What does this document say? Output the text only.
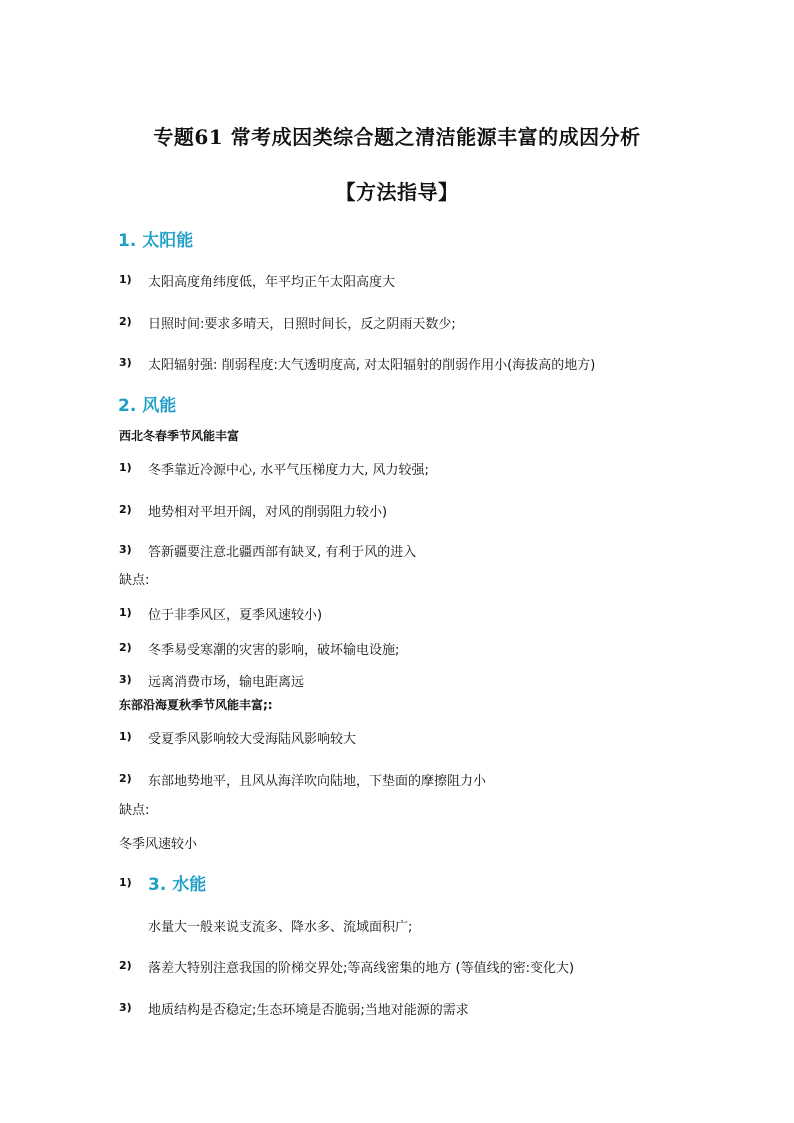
专题61 常考成因类综合题之清洁能源丰富的成因分析
【方法指导】
1. 太阳能
1) 太阳高度角纬度低，年平均正午太阳高度大
2) 日照时间:要求多晴天，日照时间长，反之阴雨天数少;
3) 太阳辐射强: 削弱程度:大气透明度高, 对太阳辐射的削弱作用小(海拔高的地方)
2. 风能
西北冬春季节风能丰富
1) 冬季靠近冷源中心, 水平气压梯度力大, 风力较强;
2) 地势相对平坦开阔，对风的削弱阻力较小)
3) 答新疆要注意北疆西部有缺叉, 有利于风的进入
缺点:
1) 位于非季风区，夏季风速较小)
2) 冬季易受寒潮的灾害的影响，破坏输电设施;
3) 远离消费市场，输电距离远
东部沿海夏秋季节风能丰富;:
1) 受夏季风影响较大受海陆风影响较大
2) 东部地势地平，且风从海洋吹向陆地，下垫面的摩擦阻力小
缺点:
冬季风速较小
1) 3. 水能
水量大一般来说支流多、降水多、流域面积广;
2) 落差大特别注意我国的阶梯交界处;等高线密集的地方 (等值线的密:变化大)
3) 地质结构是否稳定;生态环境是否脆弱;当地对能源的需求
